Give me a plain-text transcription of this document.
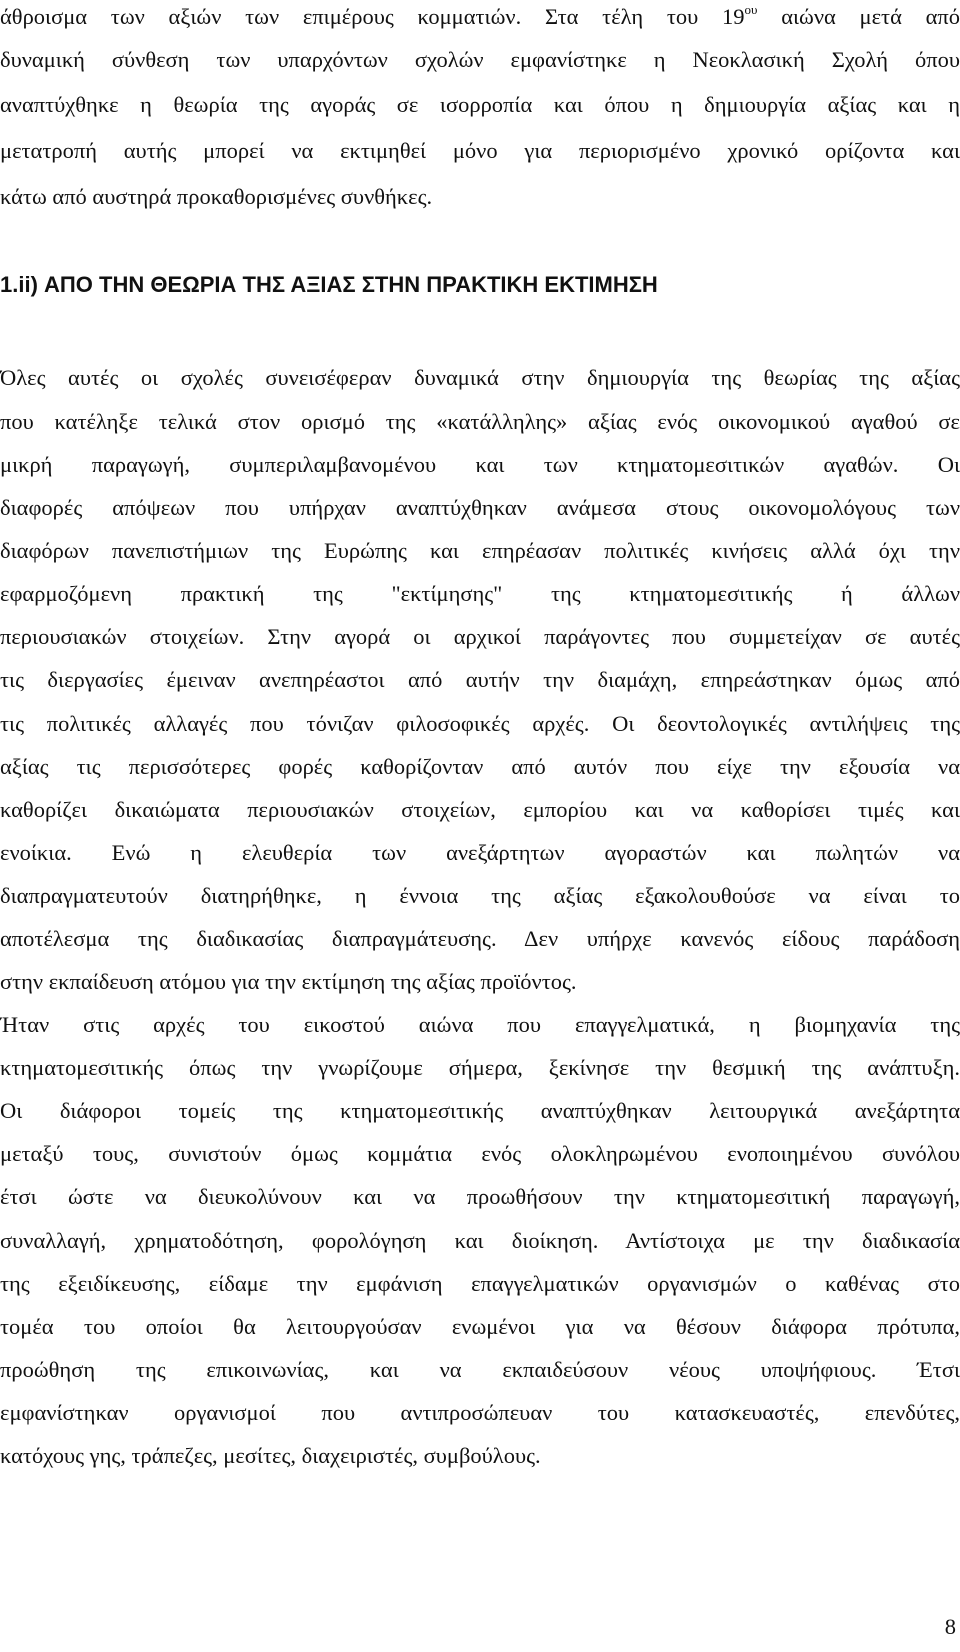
άθροισμα των αξιών των επιμέρους κομματιών. Στα τέλη του $19^{o\upsilon}$ αιώνα μετά από
δυναμική σύνθεση των υπαρχόντων σχολών εμφανίστηκε η Νεοκλασική Σχολή όπου
αναπτύχθηκε η θεωρία της αγοράς σε ισορροπία και όπου η δημιουργία αξίας και η
μετατροπή αυτής μπορεί να εκτιμηθεί μόνο για περιορισμένο χρονικό ορίζοντα και
κάτω από αυστηρά προκαθορισμένες συνθήκες.
1.ii) ΑΠΟ ΤΗΝ ΘΕΩΡΙΑ ΤΗΣ ΑΞΙΑΣ ΣΤΗΝ ΠΡΑΚΤΙΚΗ ΕΚΤΙΜΗΣΗ
Όλες αυτές οι σχολές συνεισέφεραν δυναμικά στην δημιουργία της θεωρίας της αξίας
που κατέληξε τελικά στον ορισμό της «κατάλληλης» αξίας ενός οικονομικού αγαθού σε
μικρή παραγωγή, συμπεριλαμβανομένου και των κτηματομεσιτικών αγαθών. Οι
διαφορές απόψεων που υπήρχαν αναπτύχθηκαν ανάμεσα στους οικονομολόγους των
διαφόρων πανεπιστήμιων της Ευρώπης και επηρέασαν πολιτικές κινήσεις αλλά όχι την
εφαρμοζόμενη πρακτική της "εκτίμησης" της κτηματομεσιτικής ή άλλων
περιουσιακών στοιχείων. Στην αγορά οι αρχικοί παράγοντες που συμμετείχαν σε αυτές
τις διεργασίες έμειναν ανεπηρέαστοι από αυτήν την διαμάχη, επηρεάστηκαν όμως από
τις πολιτικές αλλαγές που τόνιζαν φιλοσοφικές αρχές. Οι δεοντολογικές αντιλήψεις της
αξίας τις περισσότερες φορές καθορίζονταν από αυτόν που είχε την εξουσία να
καθορίζει δικαιώματα περιουσιακών στοιχείων, εμπορίου και να καθορίσει τιμές και
ενοίκια. Ενώ η ελευθερία των ανεξάρτητων αγοραστών και πωλητών να
διαπραγματευτούν διατηρήθηκε, η έννοια της αξίας εξακολουθούσε να είναι το
αποτέλεσμα της διαδικασίας διαπραγμάτευσης. Δεν υπήρχε κανενός είδους παράδοση
στην εκπαίδευση ατόμου για την εκτίμηση της αξίας προϊόντος.
Ήταν στις αρχές του εικοστού αιώνα που επαγγελματικά, η βιομηχανία της
κτηματομεσιτικής όπως την γνωρίζουμε σήμερα, ξεκίνησε την θεσμική της ανάπτυξη.
Οι διάφοροι τομείς της κτηματομεσιτικής αναπτύχθηκαν λειτουργικά ανεξάρτητα
μεταξύ τους, συνιστούν όμως κομμάτια ενός ολοκληρωμένου ενοποιημένου συνόλου
έτσι ώστε να διευκολύνουν και να προωθήσουν την κτηματομεσιτική παραγωγή,
συναλλαγή, χρηματοδότηση, φορολόγηση και διοίκηση. Αντίστοιχα με την διαδικασία
της εξειδίκευσης, είδαμε την εμφάνιση επαγγελματικών οργανισμών ο καθένας στο
τομέα του οποίοι θα λειτουργούσαν ενωμένοι για να θέσουν διάφορα πρότυπα,
προώθηση της επικοινωνίας, και να εκπαιδεύσουν νέους υποψήφιους. Έτσι
εμφανίστηκαν οργανισμοί που αντιπροσώπευαν του κατασκευαστές, επενδύτες,
κατόχους γης, τράπεζες, μεσίτες, διαχειριστές, συμβούλους.
8
